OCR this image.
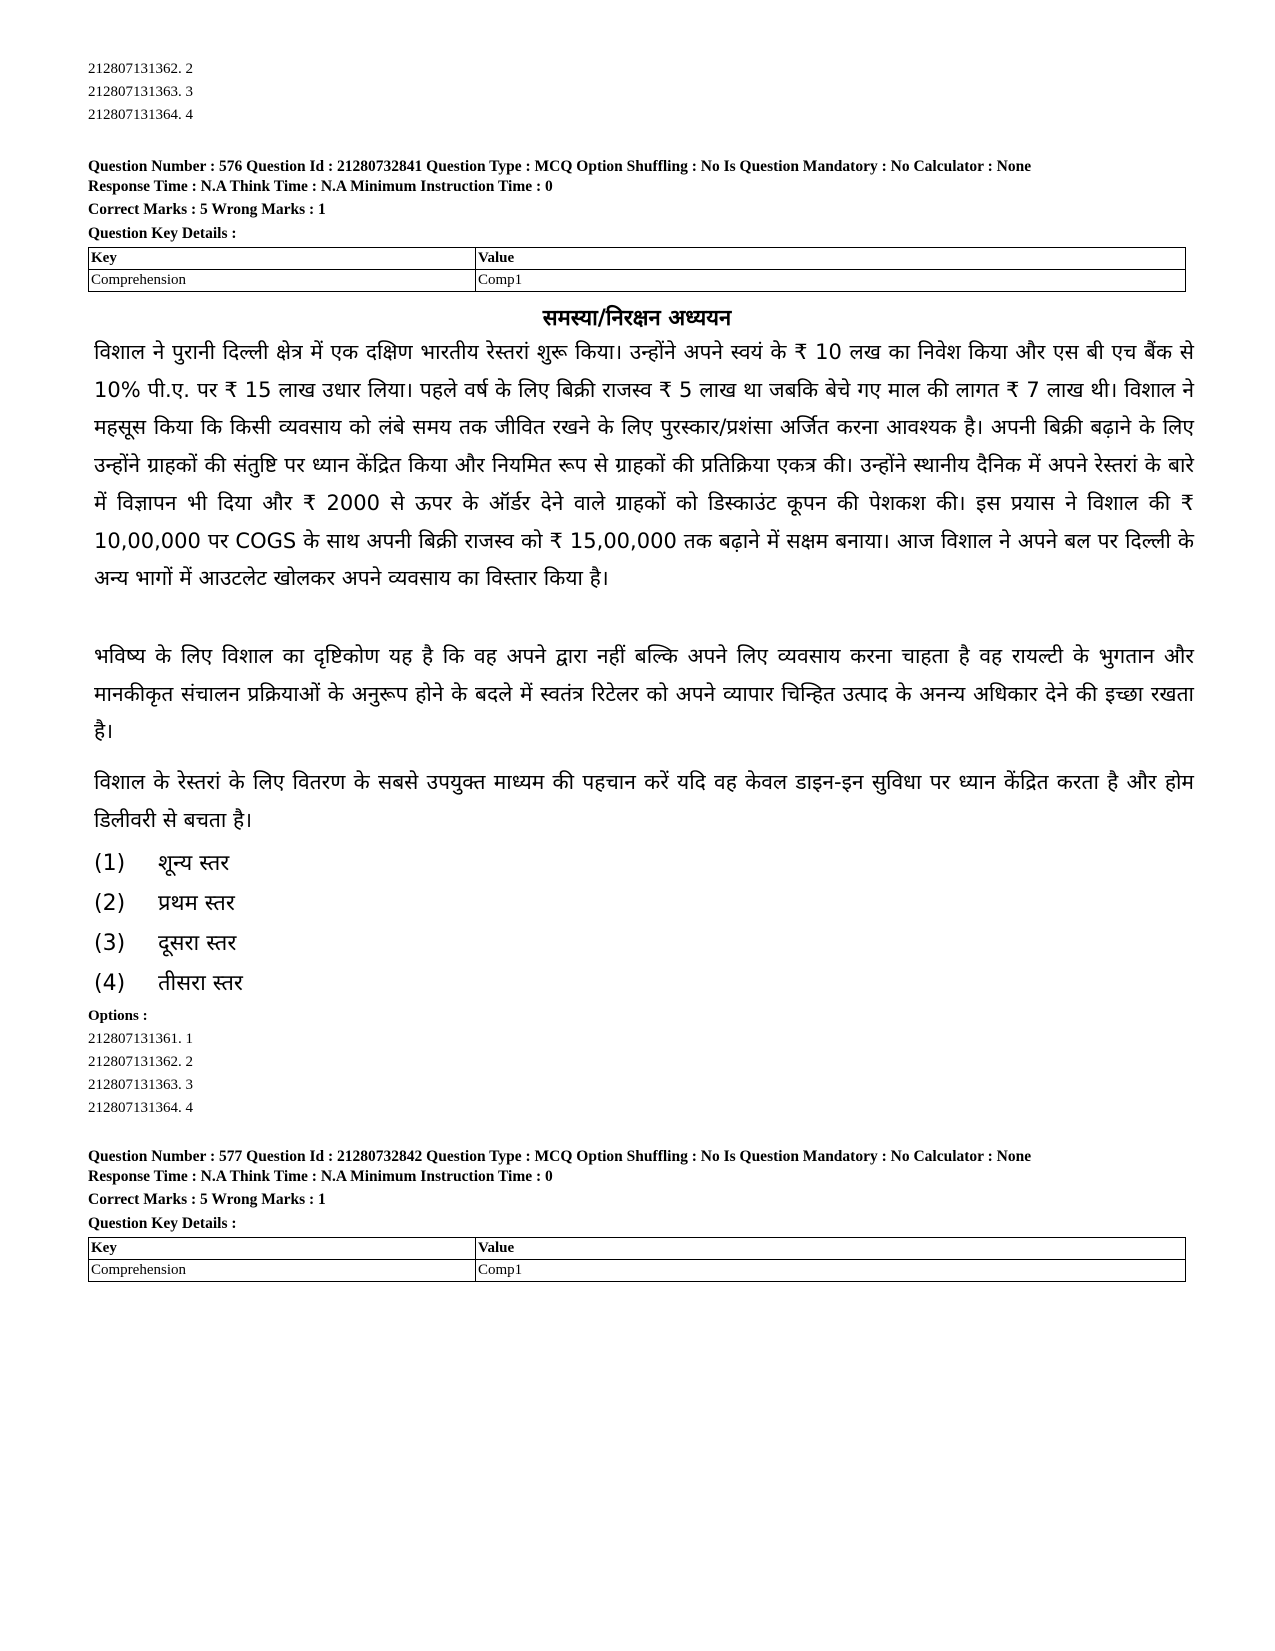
212807131362. 2
212807131363. 3
212807131364. 4
Question Number : 576 Question Id : 21280732841 Question Type : MCQ Option Shuffling : No Is Question Mandatory : No Calculator : None
Response Time : N.A Think Time : N.A Minimum Instruction Time : 0
Correct Marks : 5 Wrong Marks : 1
Question Key Details :
Key	Value
Comprehension	Comp1
समस्या/निरक्षन अध्ययन

विशाल ने पुरानी दिल्ली क्षेत्र में एक दक्षिण भारतीय रेस्तरां शुरू किया। उन्होंने अपने स्वयं के ₹ 10 लख का निवेश किया और एस बी एच बैंक से 10% पी.ए. पर ₹ 15 लाख उधार लिया। पहले वर्ष के लिए बिक्री राजस्व ₹ 5 लाख था जबकि बेचे गए माल की लागत ₹ 7 लाख थी। विशाल ने महसूस किया कि किसी व्यवसाय को लंबे समय तक जीवित रखने के लिए पुरस्कार/प्रशंसा अर्जित करना आवश्यक है। अपनी बिक्री बढ़ाने के लिए उन्होंने ग्राहकों की संतुष्टि पर ध्यान केंद्रित किया और नियमित रूप से ग्राहकों की प्रतिक्रिया एकत्र की। उन्होंने स्थानीय दैनिक में अपने रेस्तरां के बारे में विज्ञापन भी दिया और ₹ 2000 से ऊपर के ऑर्डर देने वाले ग्राहकों को डिस्काउंट कूपन की पेशकश की। इस प्रयास ने विशाल की ₹ 10,00,000 पर COGS के साथ अपनी बिक्री राजस्व को ₹ 15,00,000 तक बढ़ाने में सक्षम बनाया। आज विशाल ने अपने बल पर दिल्ली के अन्य भागों में आउटलेट खोलकर अपने व्यवसाय का विस्तार किया है।

भविष्य के लिए विशाल का दृष्टिकोण यह है कि वह अपने द्वारा नहीं बल्कि अपने लिए व्यवसाय करना चाहता है वह रायल्टी के भुगतान और मानकीकृत संचालन प्रक्रियाओं के अनुरूप होने के बदले में स्वतंत्र रिटेलर को अपने व्यापार चिन्हित उत्पाद के अनन्य अधिकार देने की इच्छा रखता है।

विशाल के रेस्तरां के लिए वितरण के सबसे उपयुक्त माध्यम की पहचान करें यदि वह केवल डाइन-इन सुविधा पर ध्यान केंद्रित करता है और होम डिलीवरी से बचता है।

(1) शून्य स्तर
(2) प्रथम स्तर
(3) दूसरा स्तर
(4) तीसरा स्तर
Options :
212807131361. 1
212807131362. 2
212807131363. 3
212807131364. 4
Question Number : 577 Question Id : 21280732842 Question Type : MCQ Option Shuffling : No Is Question Mandatory : No Calculator : None
Response Time : N.A Think Time : N.A Minimum Instruction Time : 0
Correct Marks : 5 Wrong Marks : 1
Question Key Details :
Key	Value
Comprehension	Comp1
